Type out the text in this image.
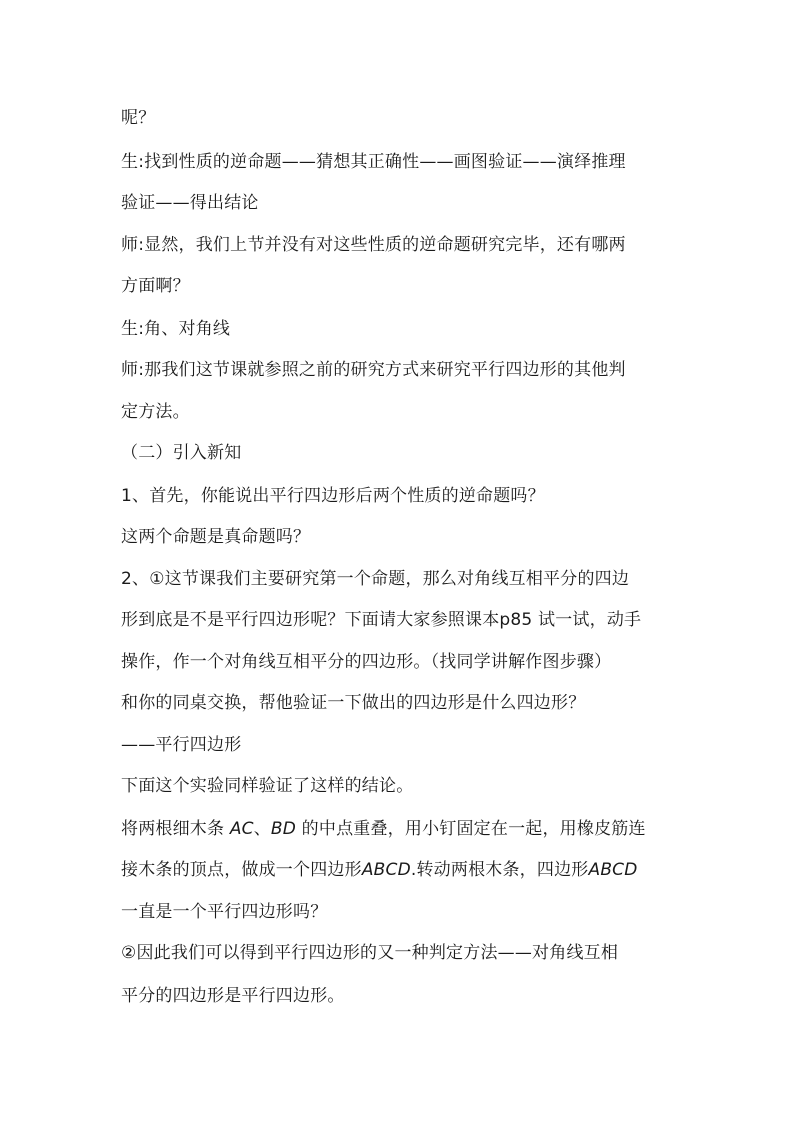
呢？
生:找到性质的逆命题——猜想其正确性——画图验证——演绎推理
验证——得出结论
师:显然，我们上节并没有对这些性质的逆命题研究完毕，还有哪两
方面啊？
生:角、对角线
师:那我们这节课就参照之前的研究方式来研究平行四边形的其他判
定方法。
（二）引入新知
1、首先，你能说出平行四边形后两个性质的逆命题吗？
这两个命题是真命题吗？
2、①这节课我们主要研究第一个命题，那么对角线互相平分的四边
形到底是不是平行四边形呢？下面请大家参照课本p85 试一试，动手
操作，作一个对角线互相平分的四边形。（找同学讲解作图步骤）
和你的同桌交换，帮他验证一下做出的四边形是什么四边形？
——平行四边形
下面这个实验同样验证了这样的结论。
将两根细木条 AC、BD 的中点重叠，用小钉固定在一起，用橡皮筋连
接木条的顶点，做成一个四边形ABCD.转动两根木条，四边形ABCD
一直是一个平行四边形吗？
②因此我们可以得到平行四边形的又一种判定方法——对角线互相
平分的四边形是平行四边形。
